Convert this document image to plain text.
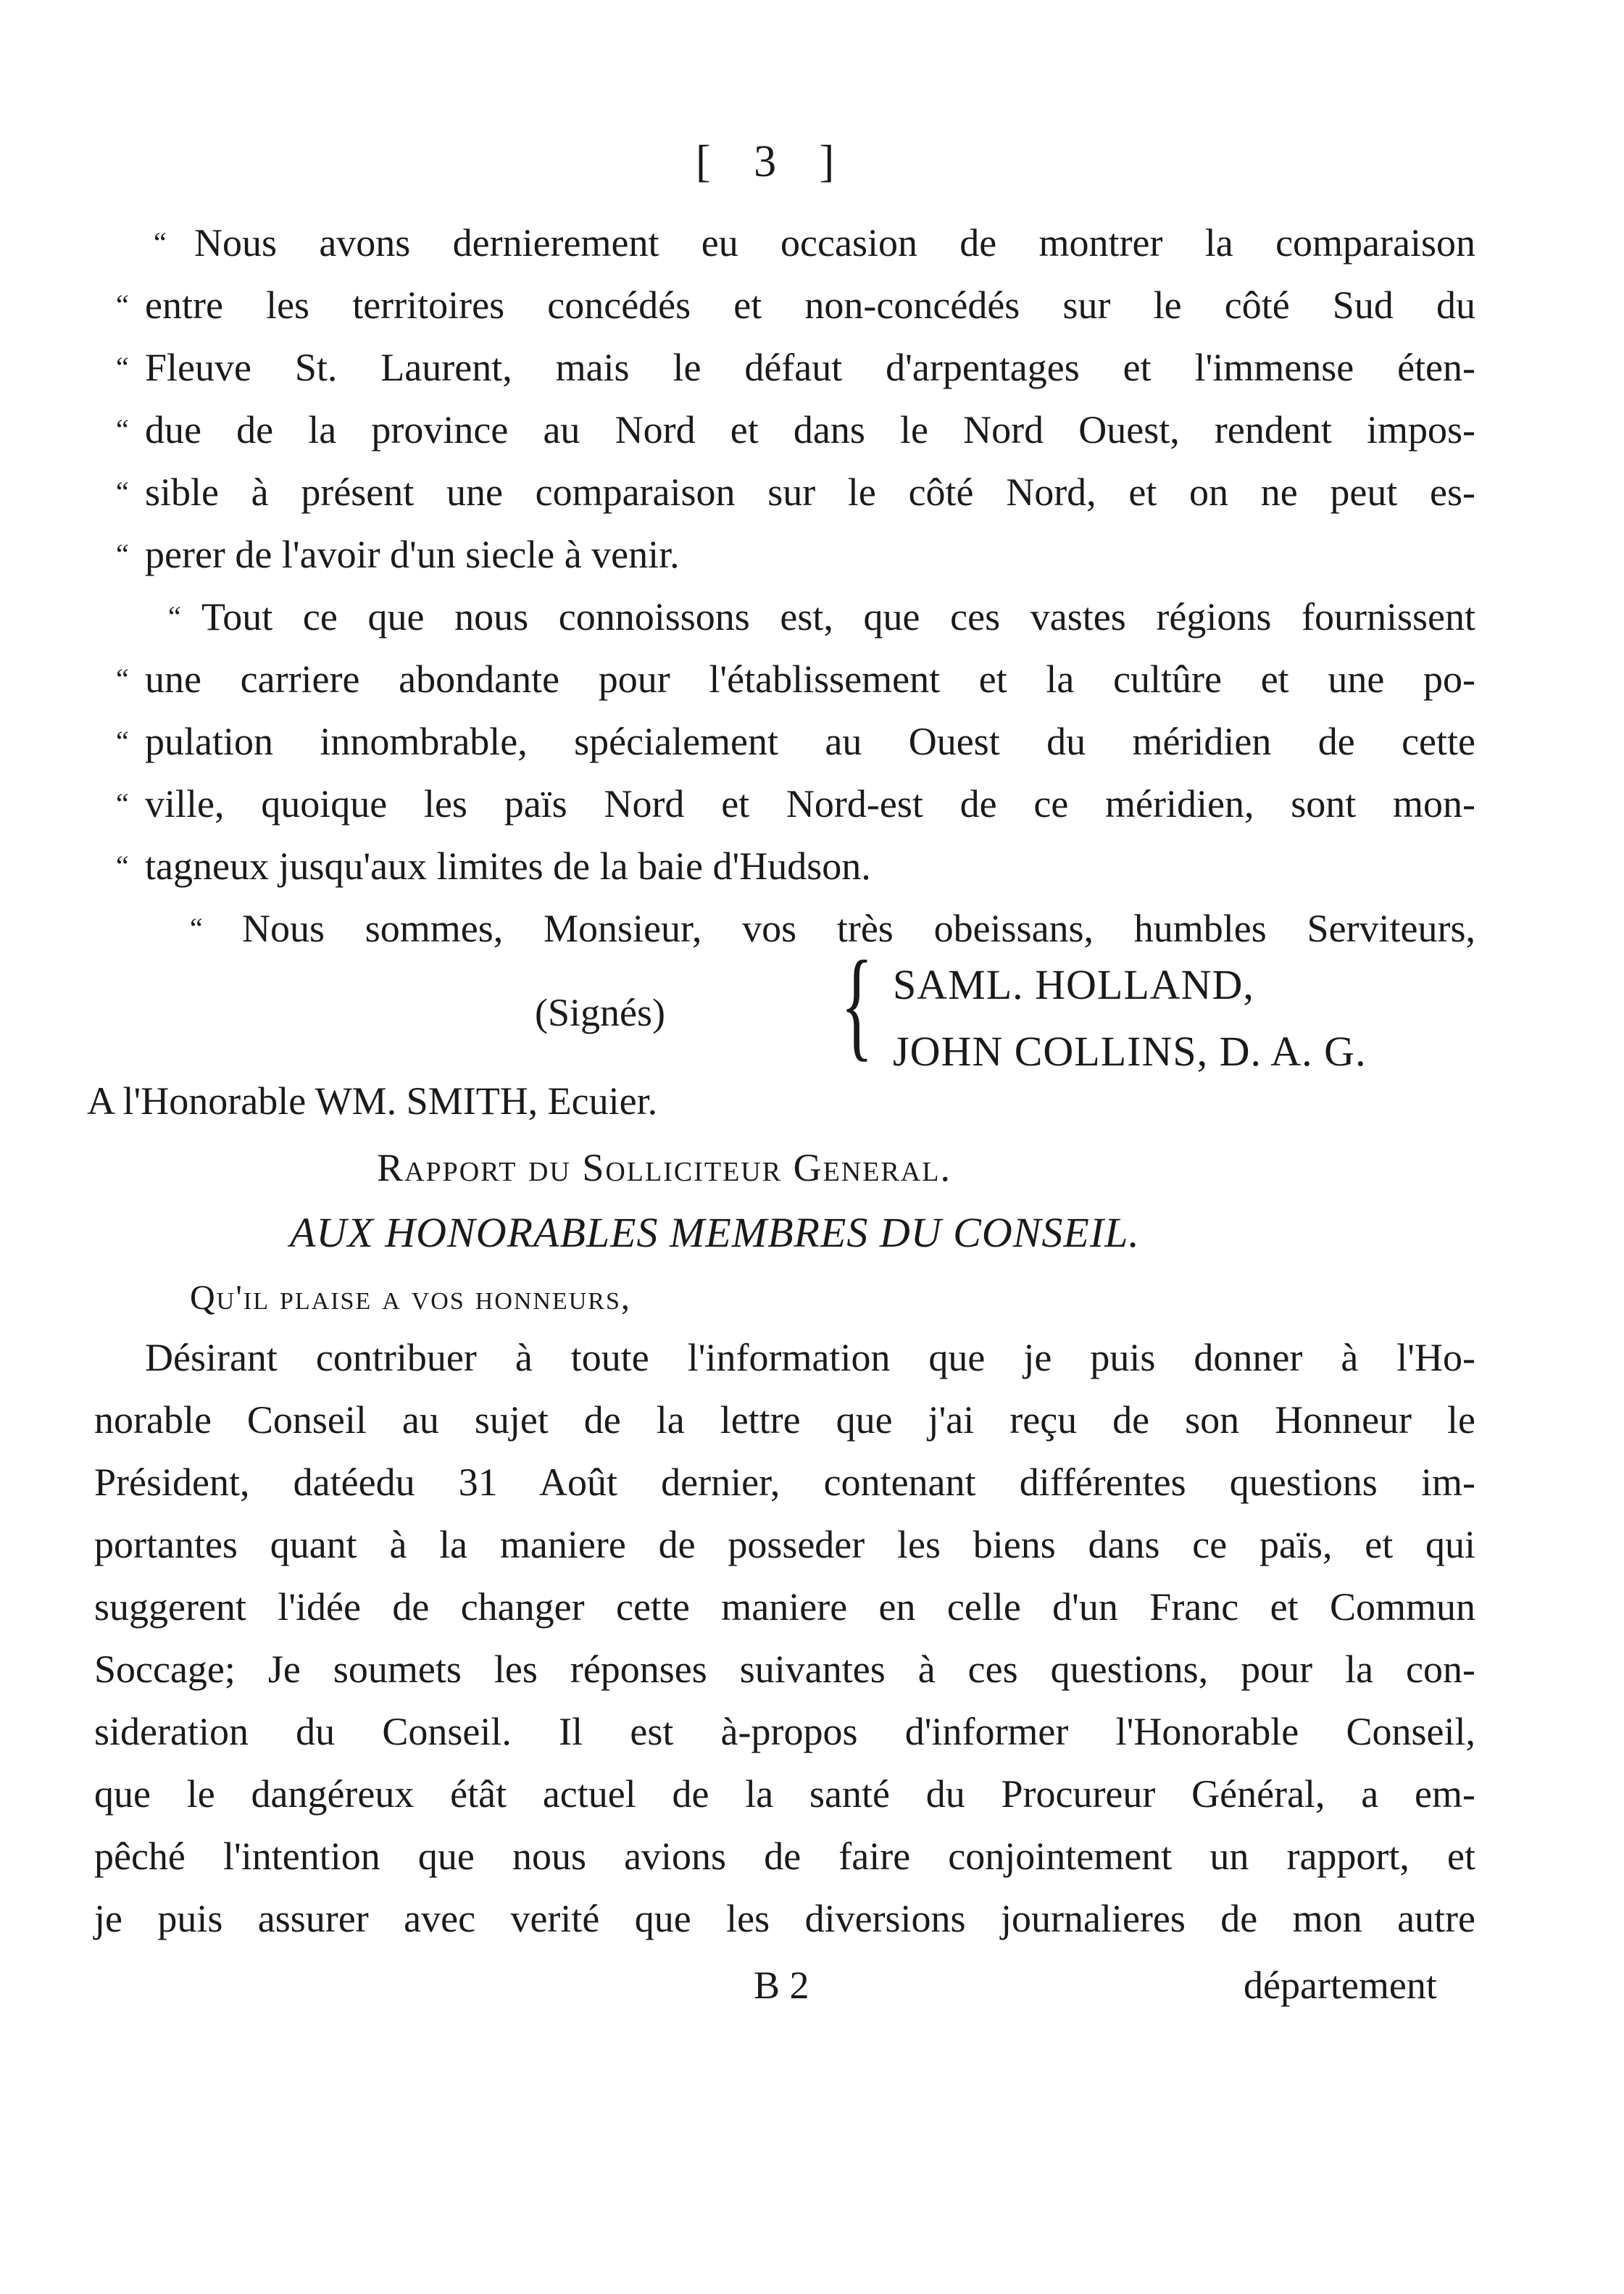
[ 3 ]
“ Nous avons dernierement eu occasion de montrer la comparaison
“ entre les territoires concédés et non-concédés sur le côté Sud du
“ Fleuve St. Laurent, mais le défaut d'arpentages et l'immense éten-
“ due de la province au Nord et dans le Nord Ouest, rendent impos-
“ sible à présent une comparaison sur le côté Nord, et on ne peut es-
“ perer de l'avoir d'un siecle à venir.
“ Tout ce que nous connoissons est, que ces vastes régions fournissent
“ une carriere abondante pour l'établissement et la cultûre et une po-
“ pulation innombrable, spécialement au Ouest du méridien de cette
“ ville, quoique les païs Nord et Nord-est de ce méridien, sont mon-
“ tagneux jusqu'aux limites de la baie d'Hudson.
“ Nous sommes, Monsieur, vos très obeissans, humbles Serviteurs,
(Signés) { SAML. HOLLAND,
JOHN COLLINS, D. A. G.
A l'Honorable WM. SMITH, Ecuier.
Rapport du Solliciteur General.
AUX HONORABLES MEMBRES DU CONSEIL.
Qu'il plaise a vos honneurs,
Désirant contribuer à toute l'information que je puis donner à l'Ho-
norable Conseil au sujet de la lettre que j'ai reçu de son Honneur le
Président, datéedu 31 Août dernier, contenant différentes questions im-
portantes quant à la maniere de posseder les biens dans ce païs, et qui
suggerent l'idée de changer cette maniere en celle d'un Franc et Commun
Soccage; Je soumets les réponses suivantes à ces questions, pour la con-
sideration du Conseil. Il est à-propos d'informer l'Honorable Conseil,
que le dangéreux étât actuel de la santé du Procureur Général, a em-
pêché l'intention que nous avions de faire conjointement un rapport, et
je puis assurer avec verité que les diversions journalieres de mon autre
B 2	département
